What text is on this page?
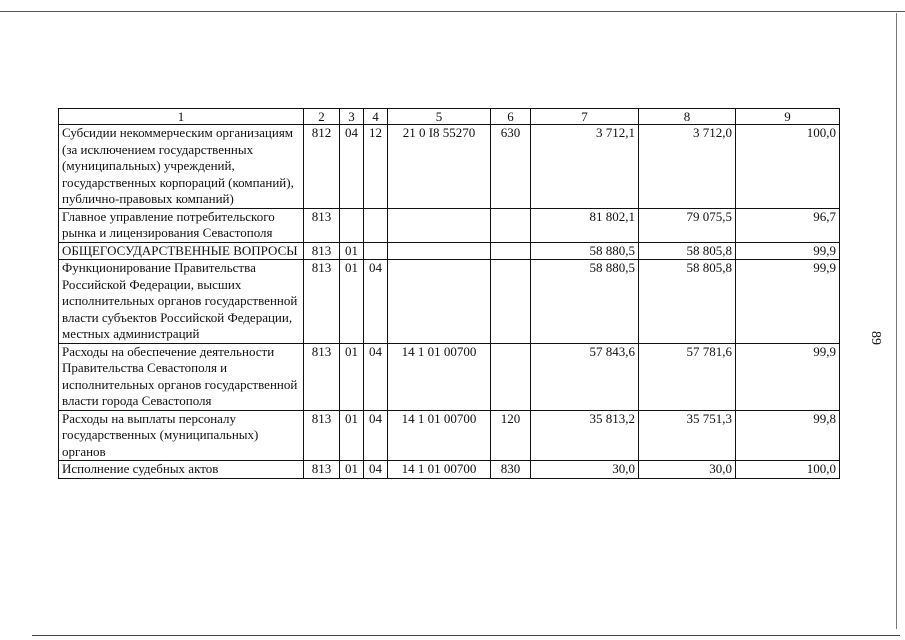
89
1	2	3	4	5	6	7	8	9
Субсидии некоммерческим организациям (за исключением государственных (муниципальных) учреждений, государственных корпораций (компаний), публично-правовых компаний)	812	04	12	21 0 I8 55270	630	3 712,1	3 712,0	100,0
Главное управление потребительского рынка и лицензирования Севастополя	813					81 802,1	79 075,5	96,7
ОБЩЕГОСУДАРСТВЕННЫЕ ВОПРОСЫ	813	01				58 880,5	58 805,8	99,9
Функционирование Правительства Российской Федерации, высших исполнительных органов государственной власти субъектов Российской Федерации, местных администраций	813	01	04			58 880,5	58 805,8	99,9
Расходы на обеспечение деятельности Правительства Севастополя и исполнительных органов государственной власти города Севастополя	813	01	04	14 1 01 00700		57 843,6	57 781,6	99,9
Расходы на выплаты персоналу государственных (муниципальных) органов	813	01	04	14 1 01 00700	120	35 813,2	35 751,3	99,8
Исполнение судебных актов	813	01	04	14 1 01 00700	830	30,0	30,0	100,0
